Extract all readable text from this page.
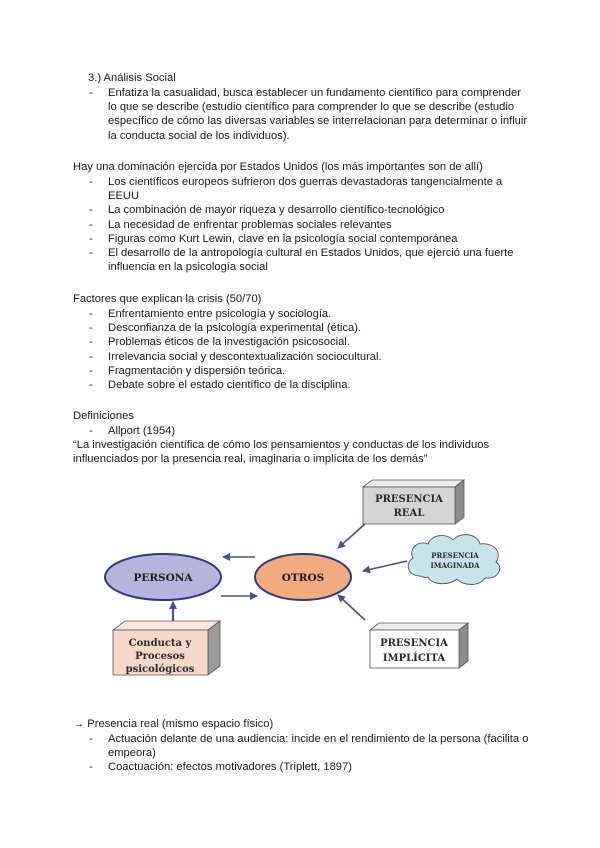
3.) Análisis Social
- Enfatiza la casualidad, busca establecer un fundamento científico para comprender
lo que se describe (estudio científico para comprender lo que se describe (estudio
específico de cómo las diversas variables se interrelacionan para determinar o influir
la conducta social de los individuos).
Hay una dominación ejercida por Estados Unidos (los más importantes son de allí)
- Los científicos europeos sufrieron dos guerras devastadoras tangencialmente a
EEUU
- La combinación de mayor riqueza y desarrollo científico-tecnológico
- La necesidad de enfrentar problemas sociales relevantes
- Figuras como Kurt Lewin, clave en la psicología social contemporánea
- El desarrollo de la antropología cultural en Estados Unidos, que ejerció una fuerte
influencia en la psicología social
Factores que explican la crisis (50/70)
- Enfrentamiento entre psicología y sociología.
- Desconfianza de la psicología experimental (ética).
- Problemas éticos de la investigación psicosocial.
- Irrelevancia social y descontextualización sociocultural.
- Fragmentación y dispersión teórica.
- Debate sobre el estado científico de la disciplina.
Definiciones
- Allport (1954)
“La investigación científica de cómo los pensamientos y conductas de los individuos
influenciados por la presencia real, imaginaria o implícita de los demás”
PERSONA	OTROS
PRESENCIA
REAL
PRESENCIA
IMAGINADA
PRESENCIA
IMPLÍCITA
Conducta y
Procesos
psicológicos
→ Presencia real (mismo espacio físico)
- Actuación delante de una audiencia: incide en el rendimiento de la persona (facilita o
empeora)
- Coactuación: efectos motivadores (Triplett, 1897)
